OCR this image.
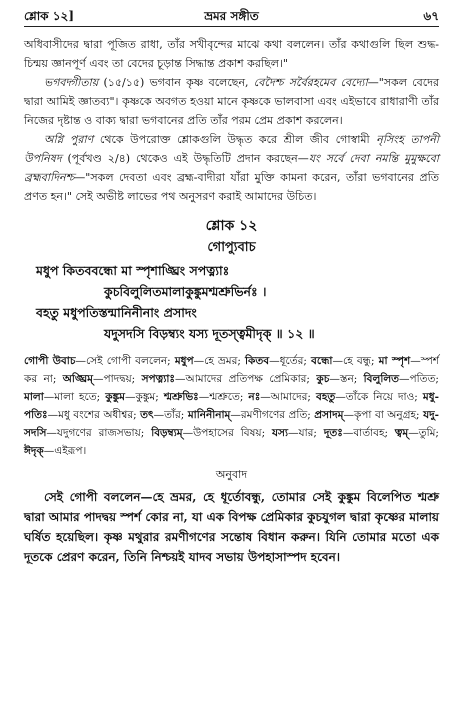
শ্লোক ১২]	ভ্রমর সঙ্গীত	৬৭

অধিবাসীদের দ্বারা পূজিত রাধা, তাঁর সখীবৃন্দের মাঝে কথা বললেন। তাঁর কথাগুলি ছিল শুদ্ধ-চিন্ময় জ্ঞানপূর্ণ এবং তা বেদের চূড়ান্ত সিদ্ধান্ত প্রকাশ করছিল।"

ভগবদ্গীতায় (১৫/১৫) ভগবান কৃষ্ণ বলেছেন, বেদৈশ্চ সর্বৈরহমেব বেদ্যো—"সকল বেদের দ্বারা আমিই জ্ঞাতব্য"। কৃষ্ণকে অবগত হওয়া মানে কৃষ্ণকে ভালবাসা এবং এইভাবে রাধারাণী তাঁর নিজের দৃষ্টান্ত ও বাক্য দ্বারা ভগবানের প্রতি তাঁর পরম প্রেম প্রকাশ করলেন।

অগ্নি পুরাণ থেকে উপরোক্ত শ্লোকগুলি উদ্ধৃত করে শ্রীল জীব গোস্বামী নৃসিংহ তাপনী উপনিষদ (পূর্বখণ্ড ২/৪) থেকেও এই উদ্ধৃতিটি প্রদান করছেন—যং সর্বে দেবা নমন্তি মুমুক্ষবো ব্রহ্মবাদিনশ্চ—"সকল দেবতা এবং ব্রহ্ম-বাদীরা যাঁরা মুক্তি কামনা করেন, তাঁরা ভগবানের প্রতি প্রণত হন।" সেই অভীষ্ট লাভের পথ অনুসরণ করাই আমাদের উচিত।

শ্লোক ১২
গোপ্যুবাচ
মধুপ কিতববন্ধো মা স্পৃশাঙ্ঘ্রিং সপত্ন্যাঃ
কুচবিলুলিতমালাকুঙ্কুমশ্মশ্রুভির্নঃ ।
বহতু মধুপতিস্তন্মানিনীনাং প্রসাদং
যদুসদসি বিড়ম্ব্যং যস্য দূতস্ত্বমীদৃক্ ॥ ১২ ॥
গোপী উবাচ—সেই গোপী বললেন; মধুপ—হে ভ্রমর; কিতব—ধূর্তের; বন্ধো—হে বন্ধু; মা স্পৃশ—স্পর্শ কর না; অঙ্ঘ্রিম্—পাদদ্বয়; সপত্ন্যাঃ—আমাদের প্রতিপক্ষ প্রেমিকার; কুচ—স্তন; বিলুলিত—পতিত; মালা—মালা হতে; কুঙ্কুম—কুঙ্কুম; শ্মশ্রুভিঃ—শ্মশ্রুতে; নঃ—আমাদের; বহতু—তাঁকে নিয়ে দাও; মধু-পতিঃ—মধু বংশের অধীশ্বর; তৎ—তাঁর; মানিনীনাম্—রমণীগণের প্রতি; প্রসাদম্—কৃপা বা অনুগ্রহ; যদু-সদসি—যদুগণের রাজসভায়; বিড়ম্ব্যম্—উপহাসের বিষয়; যস্য—যার; দূতঃ—বার্তাবহ; ত্বম্—তুমি; ঈদৃক্—এইরূপ।
অনুবাদ

সেই গোপী বললেন—হে ভ্রমর, হে ধূর্তোবন্ধু, তোমার সেই কুঙ্কুম বিলেপিত শ্মশ্রু দ্বারা আমার পাদদ্বয় স্পর্শ কোর না, যা এক বিপক্ষ প্রেমিকার কুচযুগল দ্বারা কৃষ্ণের মালায় ঘর্ষিত হয়েছিল। কৃষ্ণ মথুরার রমণীগণের সন্তোষ বিধান করুন। যিনি তোমার মতো এক দূতকে প্রেরণ করেন, তিনি নিশ্চয়ই যাদব সভায় উপহাসাস্পদ হবেন।
